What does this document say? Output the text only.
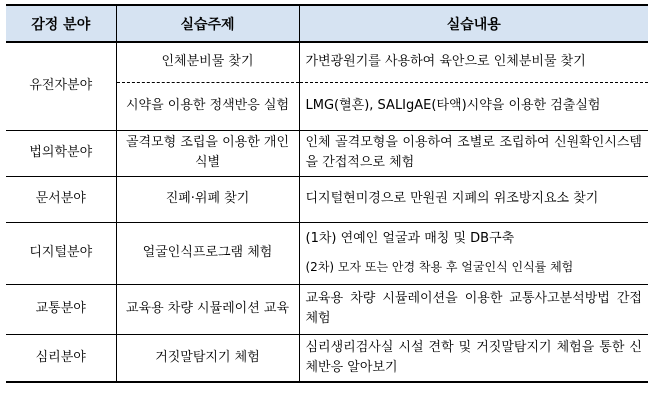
감정 분야	실습주제	실습내용
유전자분야	인체분비물 찾기	가변광원기를 사용하여 육안으로 인체분비물 찾기
	시약을 이용한 정색반응 실험	LMG(혈흔), SALIgAE(타액)시약을 이용한 검출실험
법의학분야	골격모형 조립을 이용한 개인식별	인체 골격모형을 이용하여 조별로 조립하여 신원확인시스템을 간접적으로 체험
문서분야	진폐·위폐 찾기	디지털현미경으로 만원권 지폐의 위조방지요소 찾기
디지털분야	얼굴인식프로그램 체험	(1차) 연예인 얼굴과 매칭 및 DB구축
(2차) 모자 또는 안경 착용 후 얼굴인식 인식률 체험

교통분야	교육용 차량 시뮬레이션 교육	교육용 차량 시뮬레이션을 이용한 교통사고분석방법 간접 체험
심리분야	거짓말탐지기 체험	심리생리검사실 시설 견학 및 거짓말탐지기 체험을 통한 신체반응 알아보기
